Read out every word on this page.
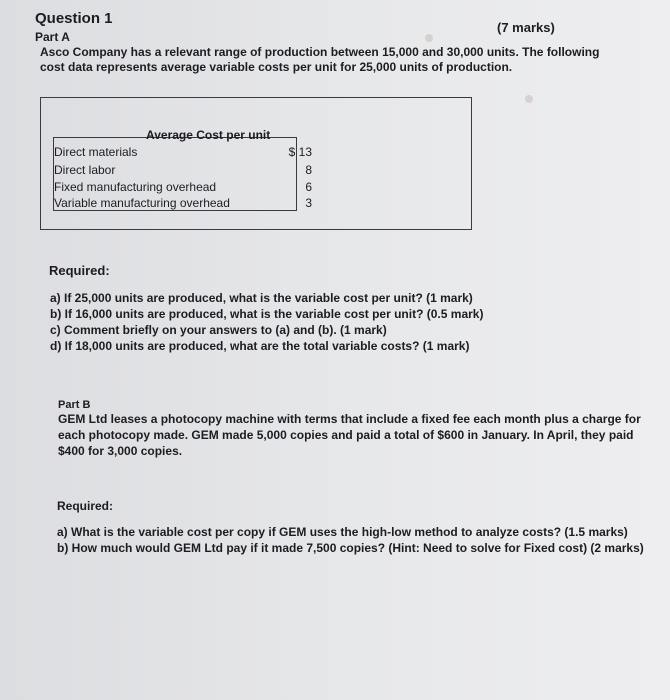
Question 1
(7 marks)
Part A
Asco Company has a relevant range of production between 15,000 and 30,000 units. The following
cost data represents average variable costs per unit for 25,000 units of production.
Average Cost per unit
Direct materials	$ 13
Direct labor	8
Fixed manufacturing overhead	6
Variable manufacturing overhead	3
Required:
a) If 25,000 units are produced, what is the variable cost per unit? (1 mark)
b) If 16,000 units are produced, what is the variable cost per unit? (0.5 mark)
c) Comment briefly on your answers to (a) and (b). (1 mark)
d) If 18,000 units are produced, what are the total variable costs? (1 mark)
Part B
GEM Ltd leases a photocopy machine with terms that include a fixed fee each month plus a charge for
each photocopy made. GEM made 5,000 copies and paid a total of $600 in January. In April, they paid
$400 for 3,000 copies.
Required:
a) What is the variable cost per copy if GEM uses the high-low method to analyze costs? (1.5 marks)
b) How much would GEM Ltd pay if it made 7,500 copies? (Hint: Need to solve for Fixed cost) (2 marks)
